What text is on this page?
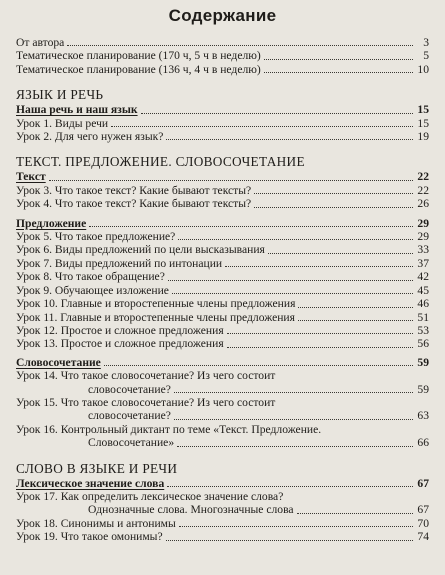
Содержание
От автора	3
Тематическое планирование (170 ч, 5 ч в неделю)	5
Тематическое планирование (136 ч, 4 ч в неделю)	10
ЯЗЫК И РЕЧЬ
Наша речь и наш язык	15
Урок 1. Виды речи	15
Урок 2. Для чего нужен язык?	19
ТЕКСТ. ПРЕДЛОЖЕНИЕ. СЛОВОСОЧЕТАНИЕ
Текст	22
Урок 3. Что такое текст? Какие бывают тексты?	22
Урок 4. Что такое текст? Какие бывают тексты?	26
Предложение	29
Урок 5. Что такое предложение?	29
Урок 6. Виды предложений по цели высказывания	33
Урок 7. Виды предложений по интонации	37
Урок 8. Что такое обращение?	42
Урок 9. Обучающее изложение	45
Урок 10. Главные и второстепенные члены предложения	46
Урок 11. Главные и второстепенные члены предложения	51
Урок 12. Простое и сложное предложения	53
Урок 13. Простое и сложное предложения	56
Словосочетание	59
Урок 14. Что такое словосочетание? Из чего состоит
словосочетание?	59
Урок 15. Что такое словосочетание? Из чего состоит
словосочетание?	63
Урок 16. Контрольный диктант по теме «Текст. Предложение.
Словосочетание»	66
СЛОВО В ЯЗЫКЕ И РЕЧИ
Лексическое значение слова	67
Урок 17. Как определить лексическое значение слова?
Однозначные слова. Многозначные слова	67
Урок 18. Синонимы и антонимы	70
Урок 19. Что такое омонимы?	74
